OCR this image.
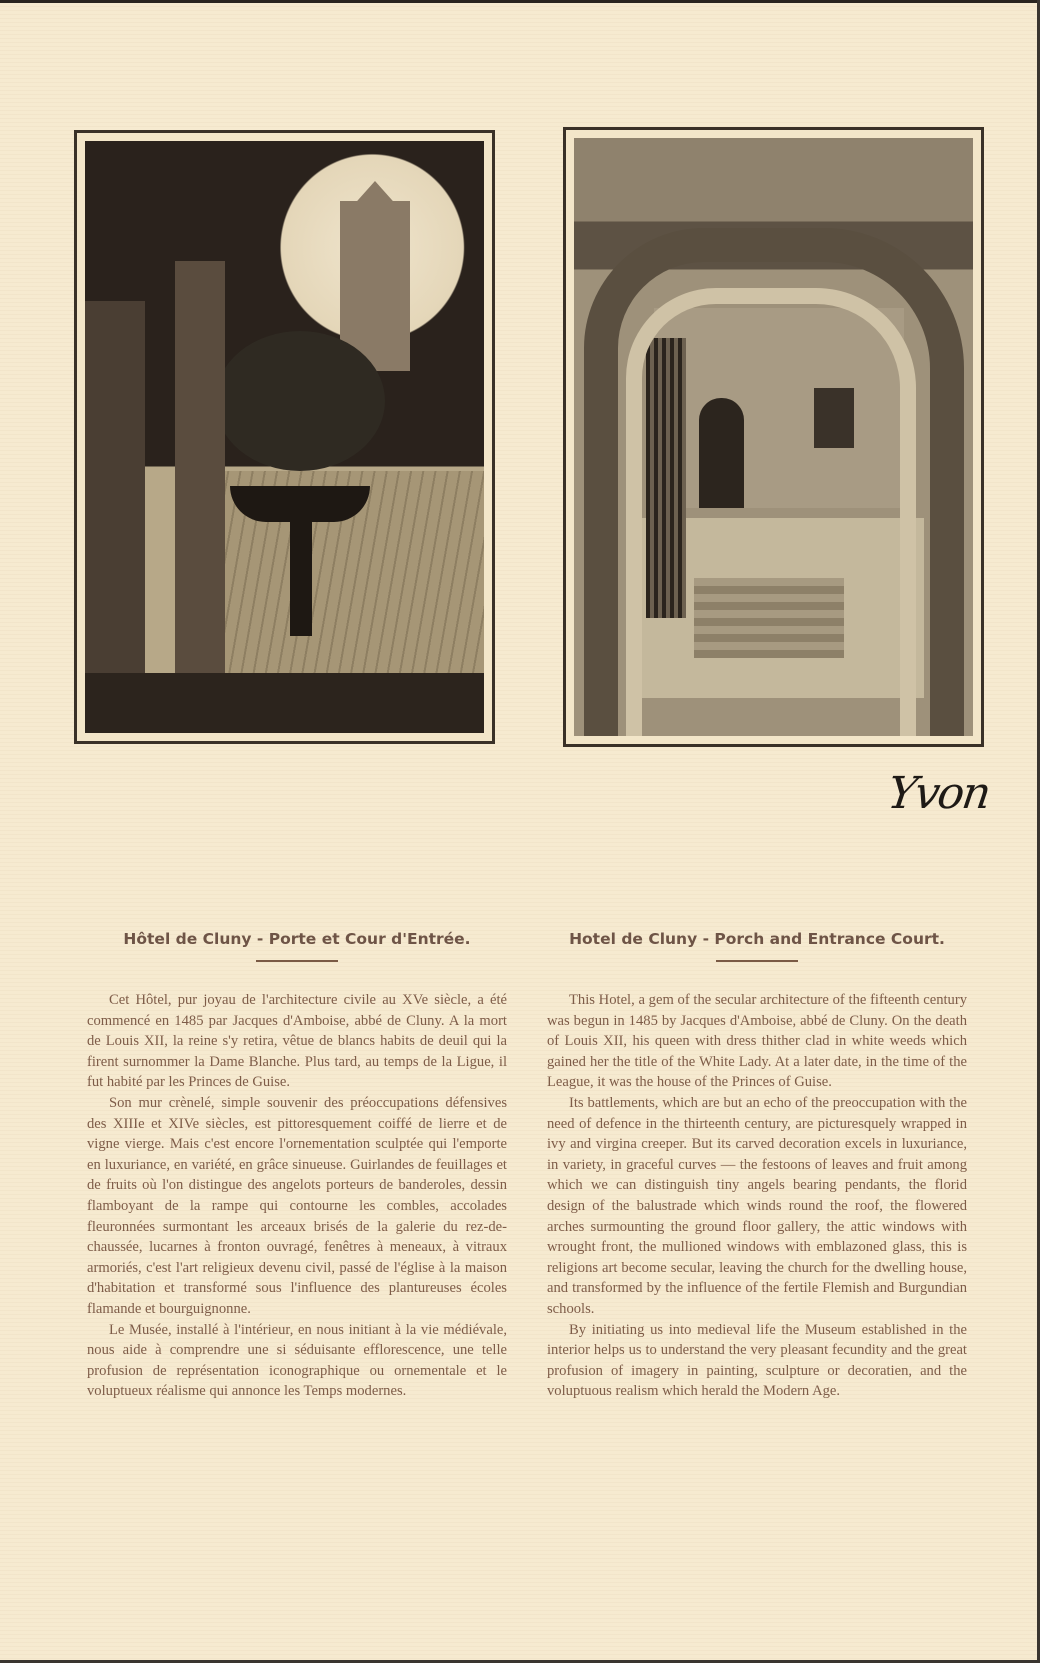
Yvon
Hôtel de Cluny - Porte et Cour d'Entrée.

Cet Hôtel, pur joyau de l'architecture civile au XVe siècle, a été commencé en 1485 par Jacques d'Amboise, abbé de Cluny. A la mort de Louis XII, la reine s'y retira, vêtue de blancs habits de deuil qui la firent surnommer la Dame Blanche. Plus tard, au temps de la Ligue, il fut habité par les Princes de Guise.

Son mur crènelé, simple souvenir des préoccupations défensives des XIIIe et XIVe siècles, est pittoresquement coiffé de lierre et de vigne vierge. Mais c'est encore l'ornementation sculptée qui l'emporte en luxuriance, en variété, en grâce sinueuse. Guirlandes de feuillages et de fruits où l'on distingue des angelots porteurs de banderoles, dessin flamboyant de la rampe qui contourne les combles, accolades fleuronnées surmontant les arceaux brisés de la galerie du rez-de-chaussée, lucarnes à fronton ouvragé, fenêtres à meneaux, à vitraux armoriés, c'est l'art religieux devenu civil, passé de l'église à la maison d'habitation et transformé sous l'influence des plantureuses écoles flamande et bourguignonne.

Le Musée, installé à l'intérieur, en nous initiant à la vie médiévale, nous aide à comprendre une si séduisante efflorescence, une telle profusion de représentation iconographique ou ornementale et le voluptueux réalisme qui annonce les Temps modernes.

Hotel de Cluny - Porch and Entrance Court.

This Hotel, a gem of the secular architecture of the fifteenth century was begun in 1485 by Jacques d'Amboise, abbé de Cluny. On the death of Louis XII, his queen with dress thither clad in white weeds which gained her the title of the White Lady. At a later date, in the time of the League, it was the house of the Princes of Guise.

Its battlements, which are but an echo of the preoccupation with the need of defence in the thirteenth century, are picturesquely wrapped in ivy and virgina creeper. But its carved decoration excels in luxuriance, in variety, in graceful curves — the festoons of leaves and fruit among which we can distinguish tiny angels bearing pendants, the florid design of the balustrade which winds round the roof, the flowered arches surmounting the ground floor gallery, the attic windows with wrought front, the mullioned windows with emblazoned glass, this is religions art become secular, leaving the church for the dwelling house, and transformed by the influence of the fertile Flemish and Burgundian schools.

By initiating us into medieval life the Museum established in the interior helps us to understand the very pleasant fecundity and the great profusion of imagery in painting, sculpture or decoratien, and the voluptuous realism which herald the Modern Age.
